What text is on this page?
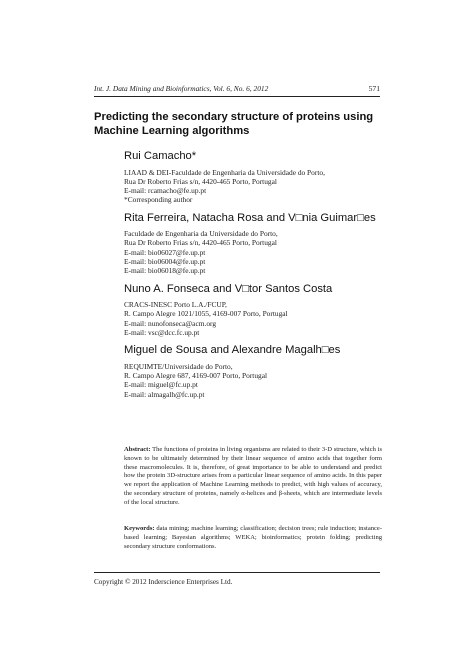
Int. J. Data Mining and Bioinformatics, Vol. 6, No. 6, 2012	571
Predicting the secondary structure of proteins using Machine Learning algorithms
Rui Camacho*
LIAAD & DEI-Faculdade de Engenharia da Universidade do Porto,
Rua Dr Roberto Frias s/n, 4420-465 Porto, Portugal
E-mail: rcamacho@fe.up.pt
*Corresponding author
Rita Ferreira, Natacha Rosa and V□nia Guimar□es
Faculdade de Engenharia da Universidade do Porto,
Rua Dr Roberto Frias s/n, 4420-465 Porto, Portugal
E-mail: bio06027@fe.up.pt
E-mail: bio06004@fe.up.pt
E-mail: bio06018@fe.up.pt
Nuno A. Fonseca and V□tor Santos Costa
CRACS-INESC Porto L.A./FCUP,
R. Campo Alegre 1021/1055, 4169-007 Porto, Portugal
E-mail: nunofonseca@acm.org
E-mail: vsc@dcc.fc.up.pt
Miguel de Sousa and Alexandre Magalh□es
REQUIMTE/Universidade do Porto,
R. Campo Alegre 687, 4169-007 Porto, Portugal
E-mail: miguel@fc.up.pt
E-mail: almagalh@fc.up.pt
Abstract: The functions of proteins in living organisms are related to their 3-D structure, which is known to be ultimately determined by their linear sequence of amino acids that together form these macromolecules. It is, therefore, of great importance to be able to understand and predict how the protein 3D-structure arises from a particular linear sequence of amino acids. In this paper we report the application of Machine Learning methods to predict, with high values of accuracy, the secondary structure of proteins, namely α-helices and β-sheets, which are intermediate levels of the local structure.
Keywords: data mining; machine learning; classification; decision trees; rule induction; instance-based learning; Bayesian algorithms; WEKA; bioinformatics; protein folding; predicting secondary structure conformations.
Copyright © 2012 Inderscience Enterprises Ltd.
